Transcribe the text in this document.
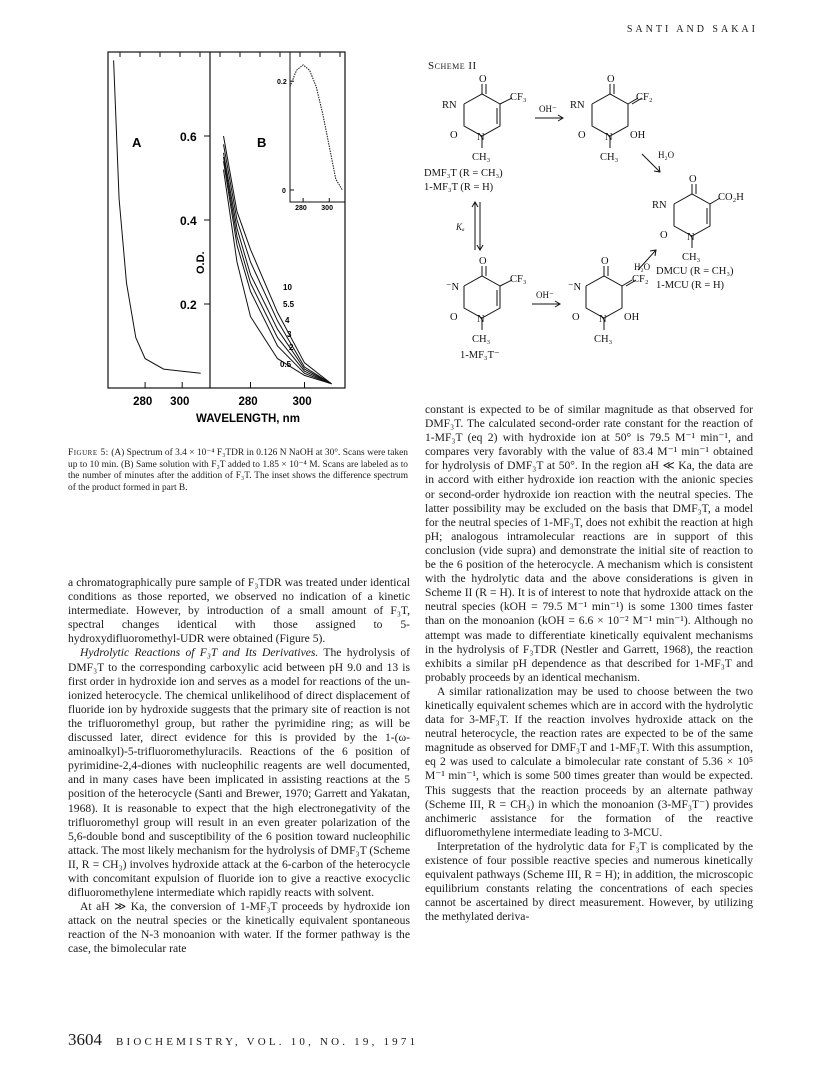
SANTI AND SAKAI
0.2
0.4
0.6
280 300	280	300
10
5.5
4
3
2
0.5
0.2
0
280 300
A	B
O.D.
WAVELENGTH, nm
Figure 5: (A) Spectrum of 3.4 × 10⁻⁴ F₃TDR in 0.126 N NaOH at 30°. Scans were taken up to 10 min. (B) Same solution with F₃T added to 1.85 × 10⁻⁴ M. Scans are labeled as to the number of minutes after the addition of F₃T. The inset shows the difference spectrum of the product formed in part B.

a chromatographically pure sample of F₃TDR was treated under identical conditions as those reported, we observed no indication of a kinetic intermediate. However, by introduction of a small amount of F₃T, spectral changes identical with those assigned to 5-hydroxydifluoromethyl-UDR were obtained (Figure 5).

Hydrolytic Reactions of F₃T and Its Derivatives. The hydrolysis of DMF₃T to the corresponding carboxylic acid between pH 9.0 and 13 is first order in hydroxide ion and serves as a model for reactions of the un-ionized heterocycle. The chemical unlikelihood of direct displacement of fluoride ion by hydroxide suggests that the primary site of reaction is not the trifluoromethyl group, but rather the pyrimidine ring; as will be discussed later, direct evidence for this is provided by the 1-(ω-aminoalkyl)-5-trifluoromethyluracils. Reactions of the 6 position of pyrimidine-2,4-diones with nucleophilic reagents are well documented, and in many cases have been implicated in assisting reactions at the 5 position of the heterocycle (Santi and Brewer, 1970; Garrett and Yakatan, 1968). It is reasonable to expect that the high electronegativity of the trifluoromethyl group will result in an even greater polarization of the 5,6-double bond and susceptibility of the 6 position toward nucleophilic attack. The most likely mechanism for the hydrolysis of DMF₃T (Scheme II, R = CH₃) involves hydroxide attack at the 6-carbon of the heterocycle with concomitant expulsion of fluoride ion to give a reactive exocyclic difluoromethylene intermediate which rapidly reacts with solvent.

At aH ≫ Ka, the conversion of 1-MF₃T proceeds by hydroxide ion attack on the neutral species or the kinetically equivalent spontaneous reaction of the N-3 monoanion with water. If the former pathway is the case, the bimolecular rate

Scheme II
O
RN
CF₃
O N
CH₃
DMF₃T (R = CH₃)
1-MF₃T (R = H)
OH⁻
O
RN
CF₂
O N OH
CH₃	H₂O
O
RN
CO₂H
O N
CH₃
DMCU (R = CH₃)
1-MCU (R = H)
Kₐ
H₂O
O
⁻N
CF₃
O N
CH₃
1-MF₃T⁻
OH⁻
O
⁻N
CF₂
O N OH
CH₃

constant is expected to be of similar magnitude as that observed for DMF₃T. The calculated second-order rate constant for the reaction of 1-MF₃T (eq 2) with hydroxide ion at 50° is 79.5 M⁻¹ min⁻¹, and compares very favorably with the value of 83.4 M⁻¹ min⁻¹ obtained for hydrolysis of DMF₃T at 50°. In the region aH ≪ Ka, the data are in accord with either hydroxide ion reaction with the anionic species or second-order hydroxide ion reaction with the neutral species. The latter possibility may be excluded on the basis that DMF₃T, a model for the neutral species of 1-MF₃T, does not exhibit the reaction at high pH; analogous intramolecular reactions are in support of this conclusion (vide supra) and demonstrate the initial site of reaction to be the 6 position of the heterocycle. A mechanism which is consistent with the hydrolytic data and the above considerations is given in Scheme II (R = H). It is of interest to note that hydroxide attack on the neutral species (kOH = 79.5 M⁻¹ min⁻¹) is some 1300 times faster than on the monoanion (kOH = 6.6 × 10⁻² M⁻¹ min⁻¹). Although no attempt was made to differentiate kinetically equivalent mechanisms in the hydrolysis of F₃TDR (Nestler and Garrett, 1968), the reaction exhibits a similar pH dependence as that described for 1-MF₃T and probably proceeds by an identical mechanism.

A similar rationalization may be used to choose between the two kinetically equivalent schemes which are in accord with the hydrolytic data for 3-MF₃T. If the reaction involves hydroxide attack on the neutral heterocycle, the reaction rates are expected to be of the same magnitude as observed for DMF₃T and 1-MF₃T. With this assumption, eq 2 was used to calculate a bimolecular rate constant of 5.36 × 10⁵ M⁻¹ min⁻¹, which is some 500 times greater than would be expected. This suggests that the reaction proceeds by an alternate pathway (Scheme III, R = CH₃) in which the monoanion (3-MF₃T⁻) provides anchimeric assistance for the formation of the reactive difluoromethylene intermediate leading to 3-MCU.

Interpretation of the hydrolytic data for F₃T is complicated by the existence of four possible reactive species and numerous kinetically equivalent pathways (Scheme III, R = H); in addition, the microscopic equilibrium constants relating the concentrations of each species cannot be ascertained by direct measurement. However, by utilizing the methylated deriva-

3604 BIOCHEMISTRY, VOL. 10, NO. 19, 1971
